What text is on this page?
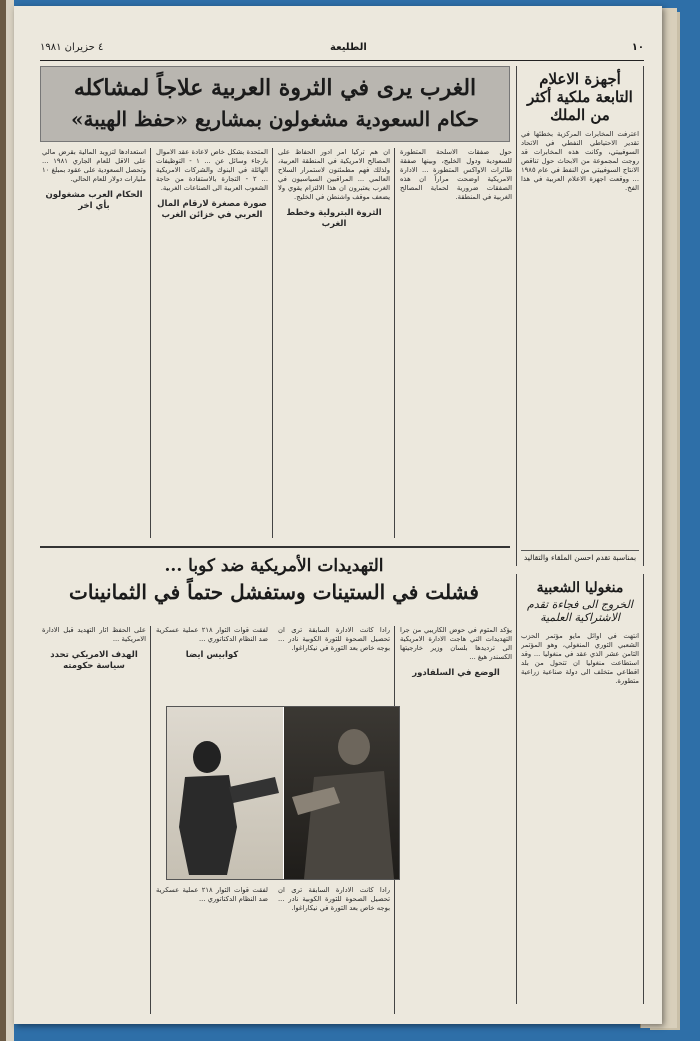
١٠
الطليعة
٤ حزيران ١٩٨١
الغرب يرى في الثروة العربية علاجاً لمشاكله
حكام السعودية مشغولون بمشاريع «حفظ الهيبة»
حول صفقات الاسلحة المتطورة للسعودية ودول الخليج، وبينها صفقة طائرات الاواكس المتطورة ... الادارة الامريكية اوضحت مراراً ان هذه الصفقات ضرورية لحماية المصالح الغربية في المنطقة.
ان هم تركيا امر ادور الحفاظ على المصالح الامريكية في المنطقة العربية، ولذلك فهم مطمئنون لاستمرار السلاح العالمي ... المراقبين السياسيون في الغرب يعتبرون ان هذا الالتزام يقوي ولا يضعف موقف واشنطن في الخليج.
الثروة البترولية وخطط الغرب
المتحدة بشكل خاص لاعادة عقد الاموال بارجاء وسائل عن ... ١ - التوظيفات الهائلة في البنوك والشركات الامريكية ... ٢ - التجارة بالاستفادة من حاجة الشعوب العربية الى الصناعات الغربية.
صورة مصغرة لارقام المال العربي في خزائن الغرب
استعدادها لتزويد المالية بقرض مالي على الاقل للعام الجاري ١٩٨١ ... وتحصل السعودية على عقود بمبلغ ١٠ مليارات دولار للعام الحالي.
الحكام العرب مشغولون بأي اخر
أجهزة الاعلام التابعة ملكية أكثر من الملك
اعترفت المخابرات المركزية بخطئها في تقدير الاحتياطي النفطي في الاتحاد السوفييتي، وكانت هذه المخابرات قد روجت لمجموعة من الابحاث حول تناقص الانتاج السوفييتي من النفط في عام ١٩٨٥ ... ووقعت اجهزة الاعلام العربية في هذا الفخ.
بمناسبة تقدم احسن الملقاء والتقاليد
منغوليا الشعبية
الخروج الى فجاءة تقدم الاشتراكية العلمية
انتهت في اوائل مايو مؤتمر الحزب الشعبي الثوري المنغولي، وهو المؤتمر الثامن عشر الذي عقد في منغوليا ... وقد استطاعت منغوليا ان تتحول من بلد اقطاعي متخلف الى دولة صناعية زراعية متطورة.
التهديدات الأمريكية ضد كوبا ...
فشلت في الستينات وستفشل حتماً في الثمانينات
يؤكد المثوم في حوض الكاريبي من جرا التهديدات التي هاجت الادارة الامريكية الى ترديدها بلسان وزير خارجيتها الكسندر هيغ ...
الوضع في السلفادور
رادا كانت الادارة السابقة ترى ان تحصيل الصحوة للثورة الكوبية نادر ... بوجه خاص بعد الثورة في نيكاراغوا.
لفقت قوات الثوار ٢١٨ عملية عسكرية ضد النظام الدكتاتوري ...
كوابيس ايضا
على الحفظ اثار التهديد قبل الادارة الامريكية ...
الهدف الامريكي تحدد سياسة حكومته
رادا كانت الادارة السابقة ترى ان تحصيل الصحوة للثورة الكوبية نادر ... بوجه خاص بعد الثورة في نيكاراغوا.
لفقت قوات الثوار ٢١٨ عملية عسكرية ضد النظام الدكتاتوري ...
